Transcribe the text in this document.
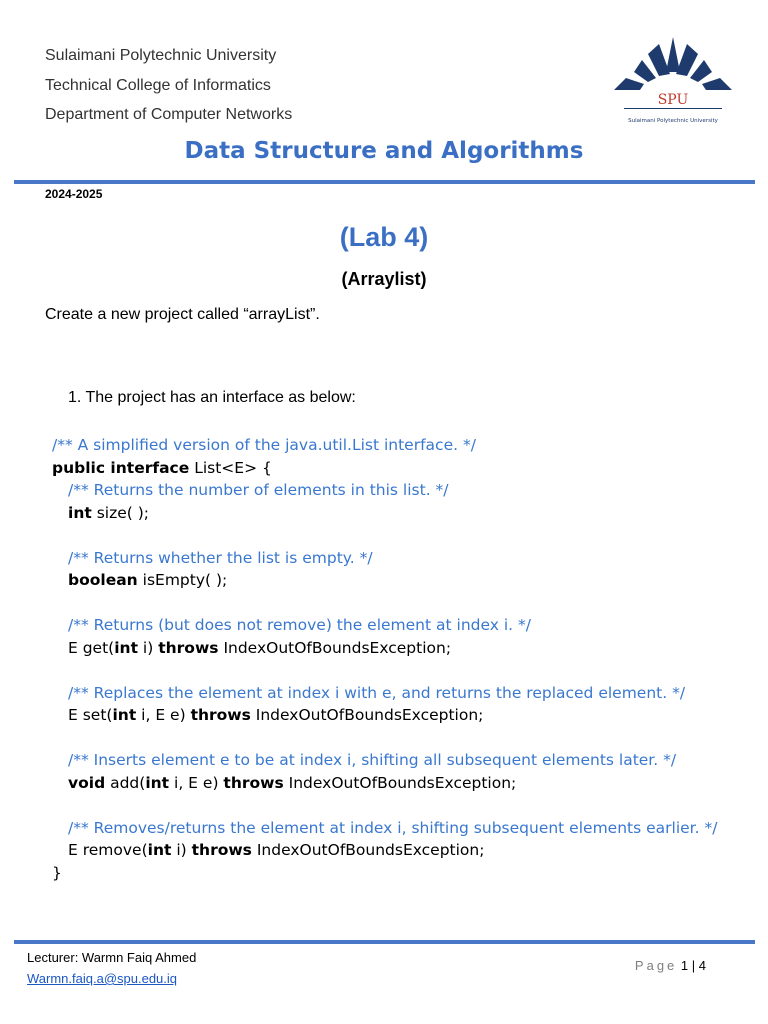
Sulaimani Polytechnic University
Technical College of Informatics
Department of Computer Networks
SPU
Sulaimani Polytechnic University
Data Structure and Algorithms
2024-2025
(Lab 4)
(Arraylist)
Create a new project called “arrayList”.
1. The project has an interface as below:
/** A simplified version of the java.util.List interface. */
public interface List<E> {
/** Returns the number of elements in this list. */
int size( );
/** Returns whether the list is empty. */
boolean isEmpty( );
/** Returns (but does not remove) the element at index i. */
E get(int i) throws IndexOutOfBoundsException;
/** Replaces the element at index i with e, and returns the replaced element. */
E set(int i, E e) throws IndexOutOfBoundsException;
/** Inserts element e to be at index i, shifting all subsequent elements later. */
void add(int i, E e) throws IndexOutOfBoundsException;
/** Removes/returns the element at index i, shifting subsequent elements earlier. */
E remove(int i) throws IndexOutOfBoundsException;
}
Lecturer: Warmn Faiq Ahmed
Warmn.faiq.a@spu.edu.iq
Page 1 | 4
